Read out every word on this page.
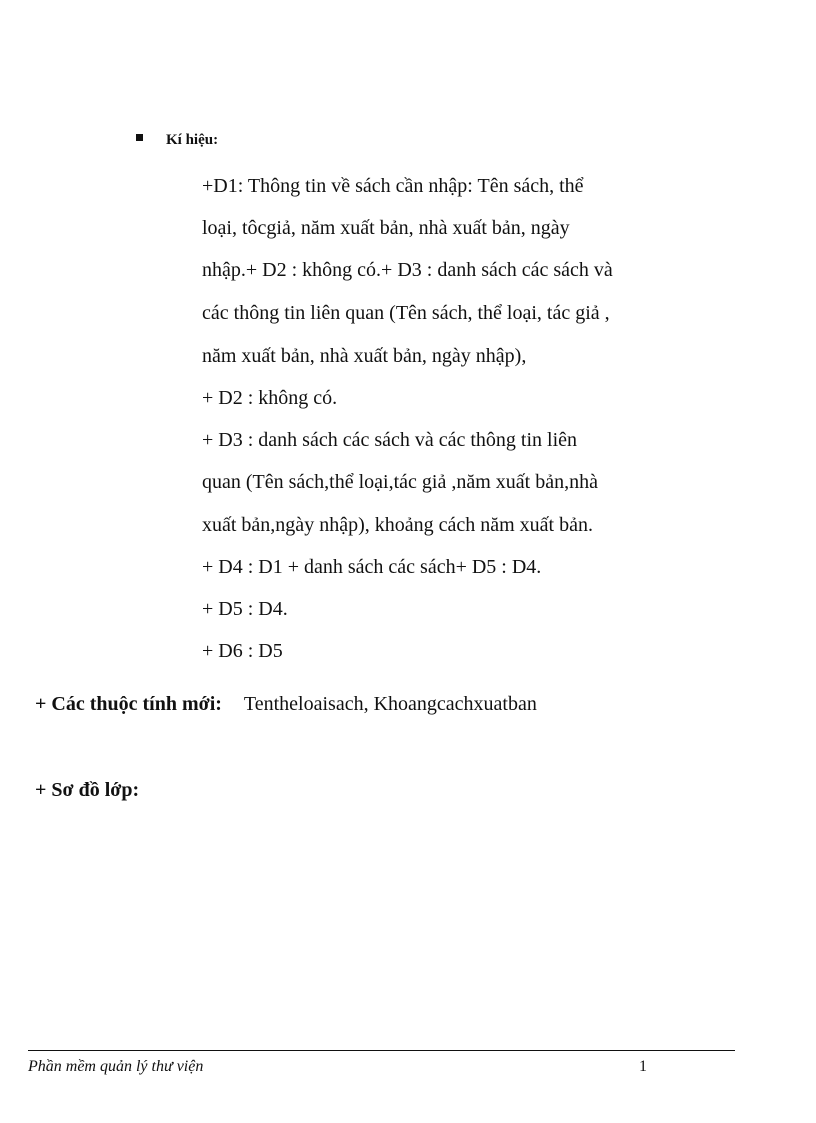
Kí hiệu:
+D1: Thông tin về sách cần nhập: Tên sách, thể
loại, tôcgiả, năm xuất bản, nhà xuất bản, ngày
nhập.+ D2 : không có.+ D3 : danh sách các sách và
các thông tin liên quan (Tên sách, thể loại, tác giả ,
năm xuất bản, nhà xuất bản, ngày nhập),
+ D2 : không có.
+ D3 : danh sách các sách và các thông tin liên
quan (Tên sách,thể loại,tác giả ,năm xuất bản,nhà
xuất bản,ngày nhập), khoảng cách năm xuất bản.
+ D4 : D1 + danh sách các sách+ D5 : D4.
+ D5 : D4.
+ D6 : D5
+ Các thuộc tính mới: Tentheloaisach, Khoangcachxuatban
+ Sơ đồ lớp:
Phần mềm quản lý thư viện	1
